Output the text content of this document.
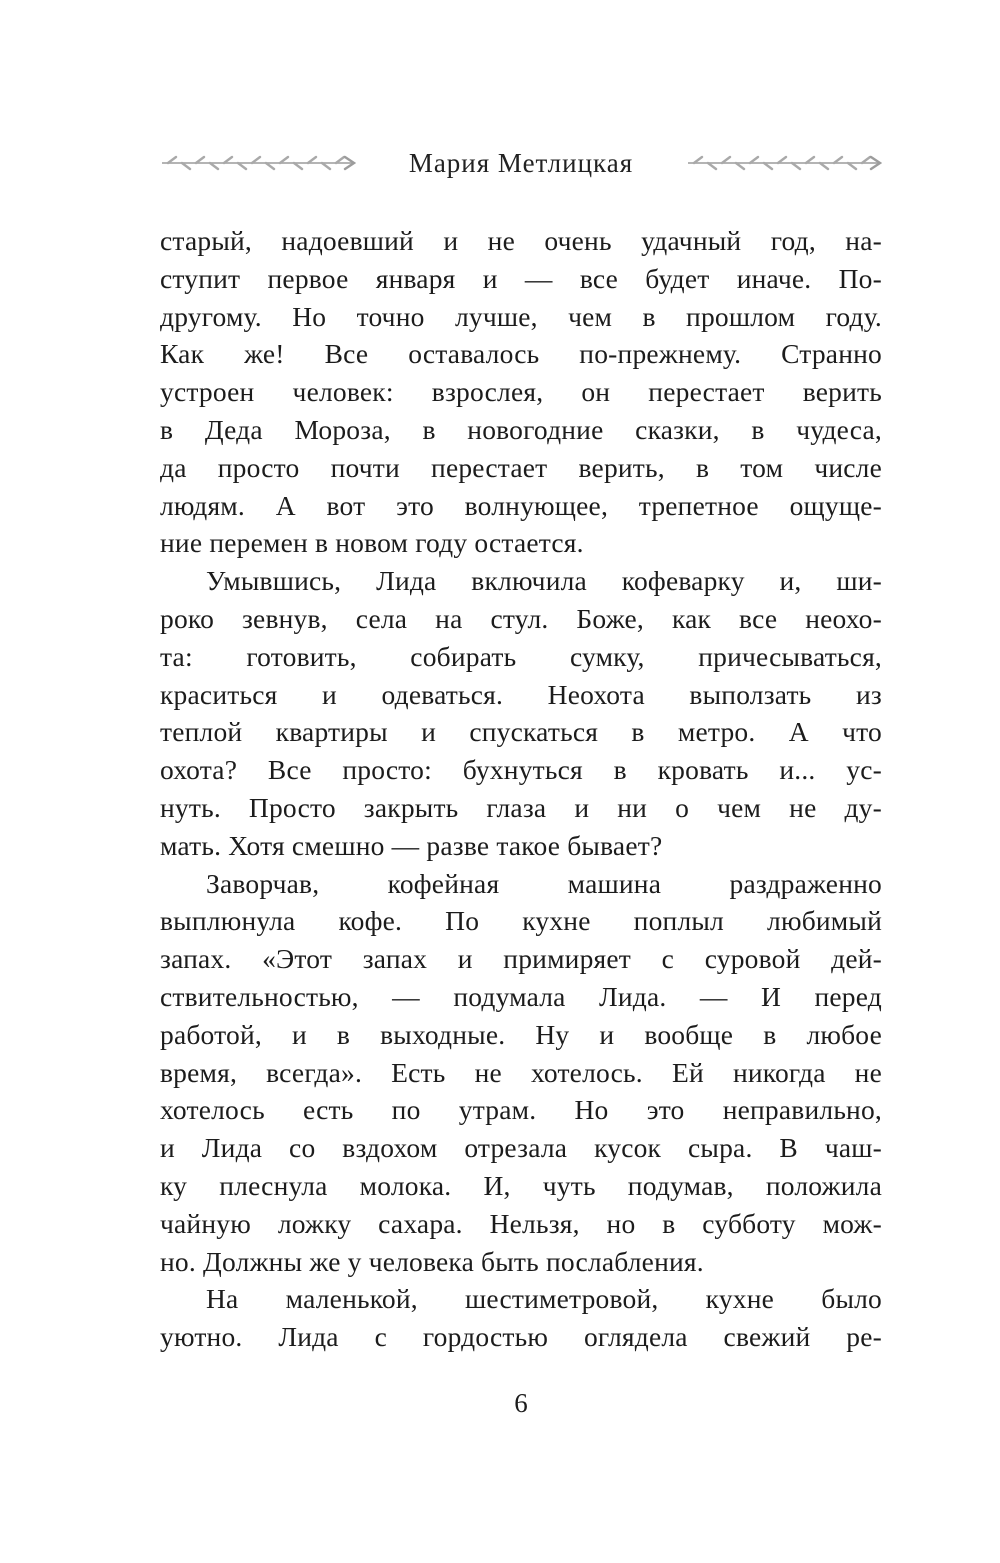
Мария Метлицкая
старый, надоевший и не очень удачный год, на-
ступит первое января и — все будет иначе. По-
другому. Но точно лучше, чем в прошлом году.
Как же! Все оставалось по-прежнему. Странно
устроен человек: взрослея, он перестает верить
в Деда Мороза, в новогодние сказки, в чудеса,
да просто почти перестает верить, в том числе
людям. А вот это волнующее, трепетное ощуще-
ние перемен в новом году остается.
Умывшись, Лида включила кофеварку и, ши-
роко зевнув, села на стул. Боже, как все неохо-
та: готовить, собирать сумку, причесываться,
краситься и одеваться. Неохота выползать из
теплой квартиры и спускаться в метро. А что
охота? Все просто: бухнуться в кровать и... ус-
нуть. Просто закрыть глаза и ни о чем не ду-
мать. Хотя смешно — разве такое бывает?
Заворчав, кофейная машина раздраженно
выплюнула кофе. По кухне поплыл любимый
запах. «Этот запах и примиряет с суровой дей-
ствительностью, — подумала Лида. — И перед
работой, и в выходные. Ну и вообще в любое
время, всегда». Есть не хотелось. Ей никогда не
хотелось есть по утрам. Но это неправильно,
и Лида со вздохом отрезала кусок сыра. В чаш-
ку плеснула молока. И, чуть подумав, положила
чайную ложку сахара. Нельзя, но в субботу мож-
но. Должны же у человека быть послабления.
На маленькой, шестиметровой, кухне было
уютно. Лида с гордостью оглядела свежий ре-
6
